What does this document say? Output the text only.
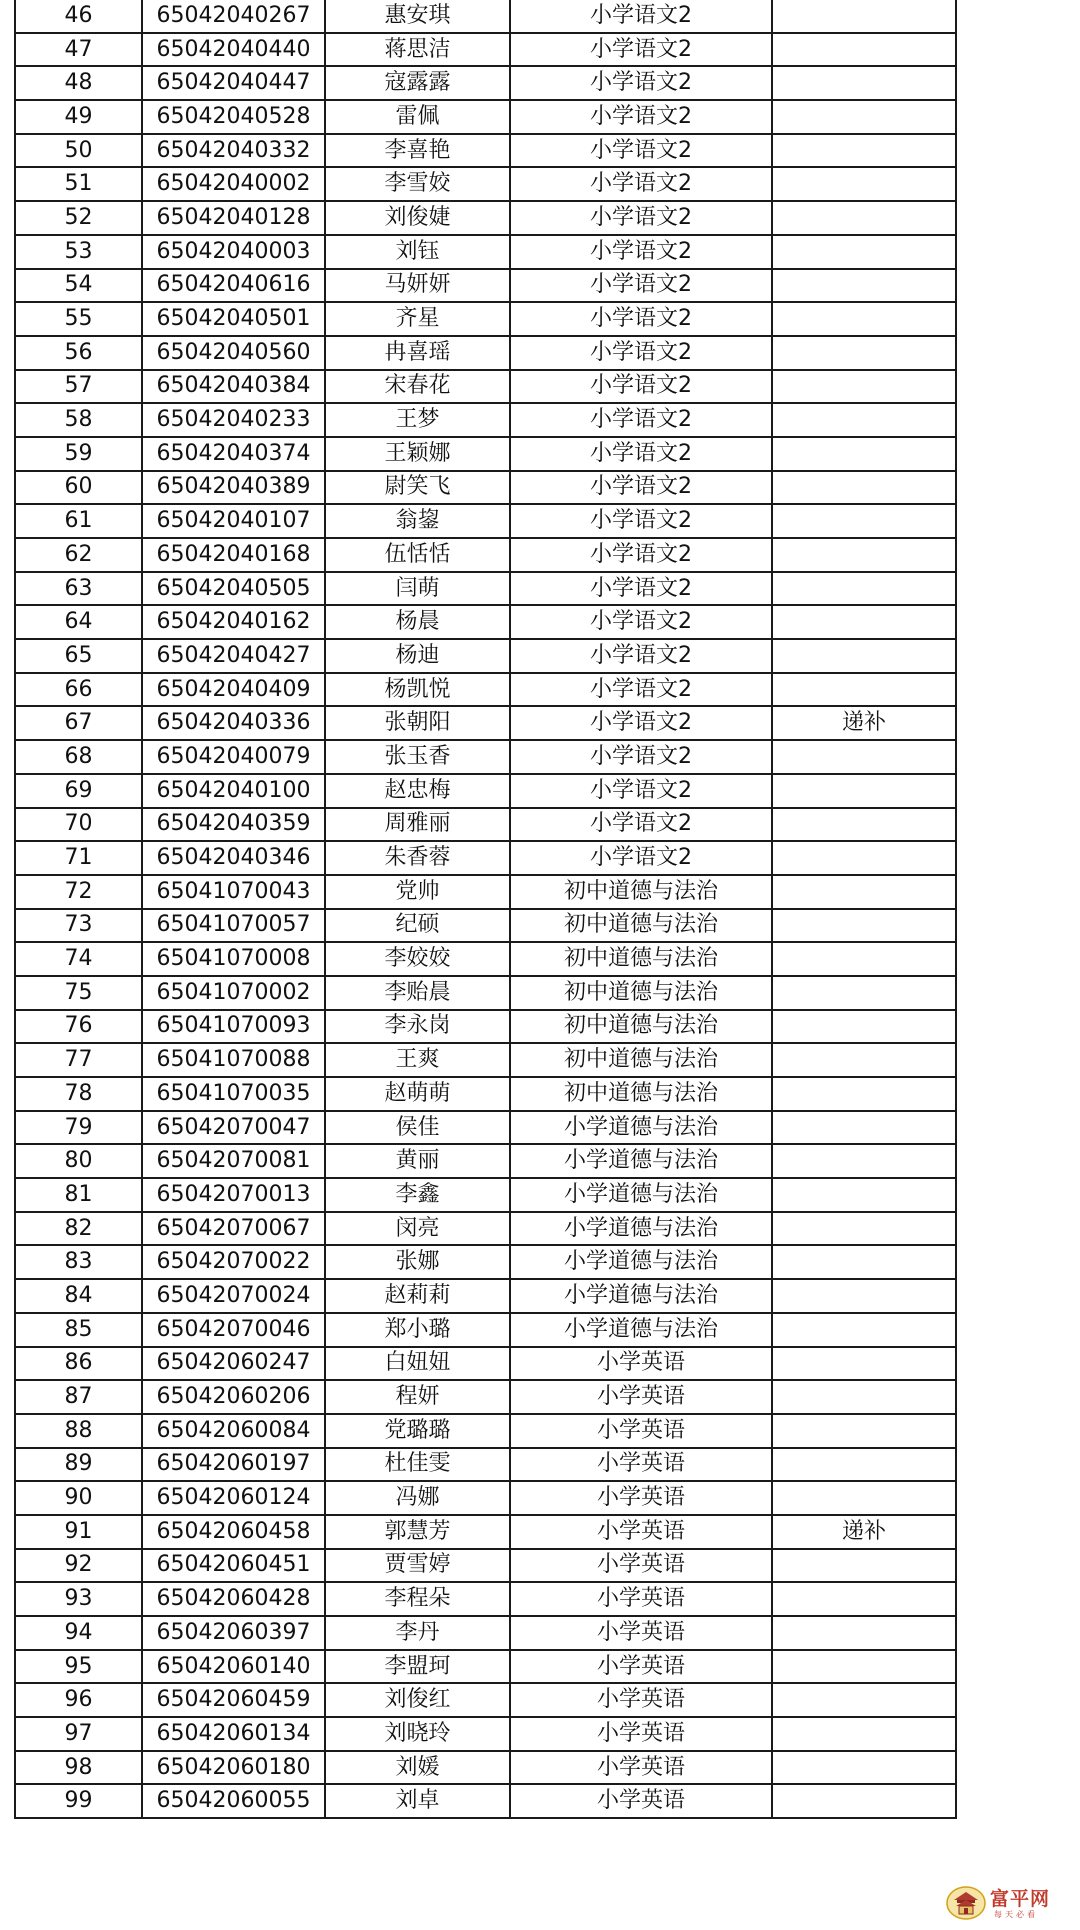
46	65042040267	惠安琪	小学语文2	
47	65042040440	蒋思洁	小学语文2	
48	65042040447	寇露露	小学语文2	
49	65042040528	雷佩	小学语文2	
50	65042040332	李喜艳	小学语文2	
51	65042040002	李雪姣	小学语文2	
52	65042040128	刘俊婕	小学语文2	
53	65042040003	刘钰	小学语文2	
54	65042040616	马妍妍	小学语文2	
55	65042040501	齐星	小学语文2	
56	65042040560	冉喜瑶	小学语文2	
57	65042040384	宋春花	小学语文2	
58	65042040233	王梦	小学语文2	
59	65042040374	王颖娜	小学语文2	
60	65042040389	尉笑飞	小学语文2	
61	65042040107	翁鋆	小学语文2	
62	65042040168	伍恬恬	小学语文2	
63	65042040505	闫萌	小学语文2	
64	65042040162	杨晨	小学语文2	
65	65042040427	杨迪	小学语文2	
66	65042040409	杨凯悦	小学语文2	
67	65042040336	张朝阳	小学语文2	递补
68	65042040079	张玉香	小学语文2	
69	65042040100	赵忠梅	小学语文2	
70	65042040359	周雅丽	小学语文2	
71	65042040346	朱香蓉	小学语文2	
72	65041070043	党帅	初中道德与法治	
73	65041070057	纪硕	初中道德与法治	
74	65041070008	李姣姣	初中道德与法治	
75	65041070002	李贻晨	初中道德与法治	
76	65041070093	李永岗	初中道德与法治	
77	65041070088	王爽	初中道德与法治	
78	65041070035	赵萌萌	初中道德与法治	
79	65042070047	侯佳	小学道德与法治	
80	65042070081	黄丽	小学道德与法治	
81	65042070013	李鑫	小学道德与法治	
82	65042070067	闵亮	小学道德与法治	
83	65042070022	张娜	小学道德与法治	
84	65042070024	赵莉莉	小学道德与法治	
85	65042070046	郑小璐	小学道德与法治	
86	65042060247	白妞妞	小学英语	
87	65042060206	程妍	小学英语	
88	65042060084	党璐璐	小学英语	
89	65042060197	杜佳雯	小学英语	
90	65042060124	冯娜	小学英语	
91	65042060458	郭慧芳	小学英语	递补
92	65042060451	贾雪婷	小学英语	
93	65042060428	李程朵	小学英语	
94	65042060397	李丹	小学英语	
95	65042060140	李盟珂	小学英语	
96	65042060459	刘俊红	小学英语	
97	65042060134	刘晓玲	小学英语	
98	65042060180	刘媛	小学英语	
99	65042060055	刘卓	小学英语	
富平网
每天必看
